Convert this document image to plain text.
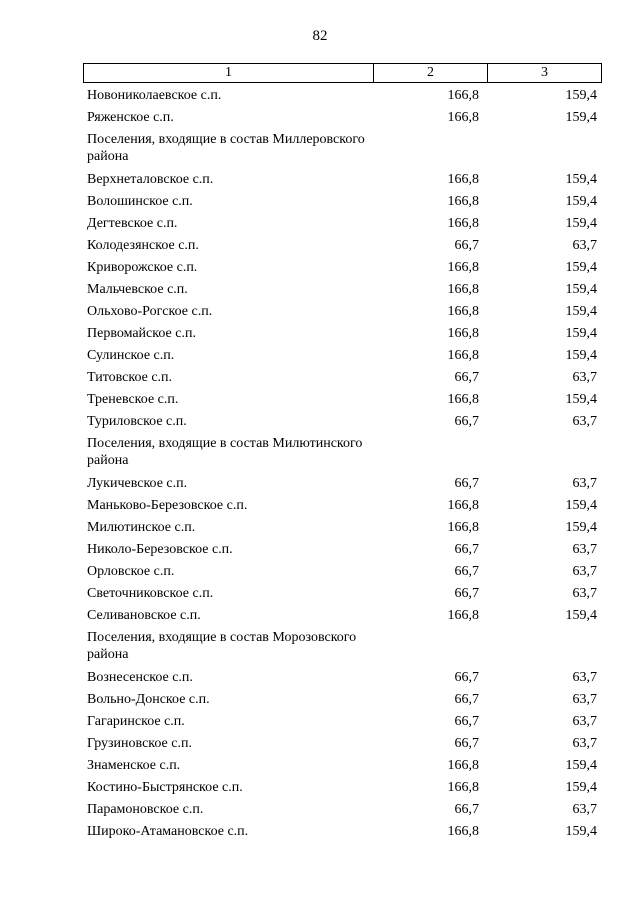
82
1	2	3
Новониколаевское с.п.	166,8	159,4
Ряженское с.п.	166,8	159,4
Поселения, входящие в состав Миллеровского района
Верхнеталовское с.п.	166,8	159,4
Волошинское с.п.	166,8	159,4
Дегтевское с.п.	166,8	159,4
Колодезянское с.п.	66,7	63,7
Криворожское с.п.	166,8	159,4
Мальчевское с.п.	166,8	159,4
Ольхово-Рогское с.п.	166,8	159,4
Первомайское с.п.	166,8	159,4
Сулинское с.п.	166,8	159,4
Титовское с.п.	66,7	63,7
Треневское с.п.	166,8	159,4
Туриловское с.п.	66,7	63,7
Поселения, входящие в состав Милютинского района
Лукичевское с.п.	66,7	63,7
Маньково-Березовское с.п.	166,8	159,4
Милютинское с.п.	166,8	159,4
Николо-Березовское с.п.	66,7	63,7
Орловское с.п.	66,7	63,7
Светочниковское с.п.	66,7	63,7
Селивановское с.п.	166,8	159,4
Поселения, входящие в состав Морозовского района
Вознесенское с.п.	66,7	63,7
Вольно-Донское с.п.	66,7	63,7
Гагаринское с.п.	66,7	63,7
Грузиновское с.п.	66,7	63,7
Знаменское с.п.	166,8	159,4
Костино-Быстрянское с.п.	166,8	159,4
Парамоновское с.п.	66,7	63,7
Широко-Атамановское с.п.	166,8	159,4
